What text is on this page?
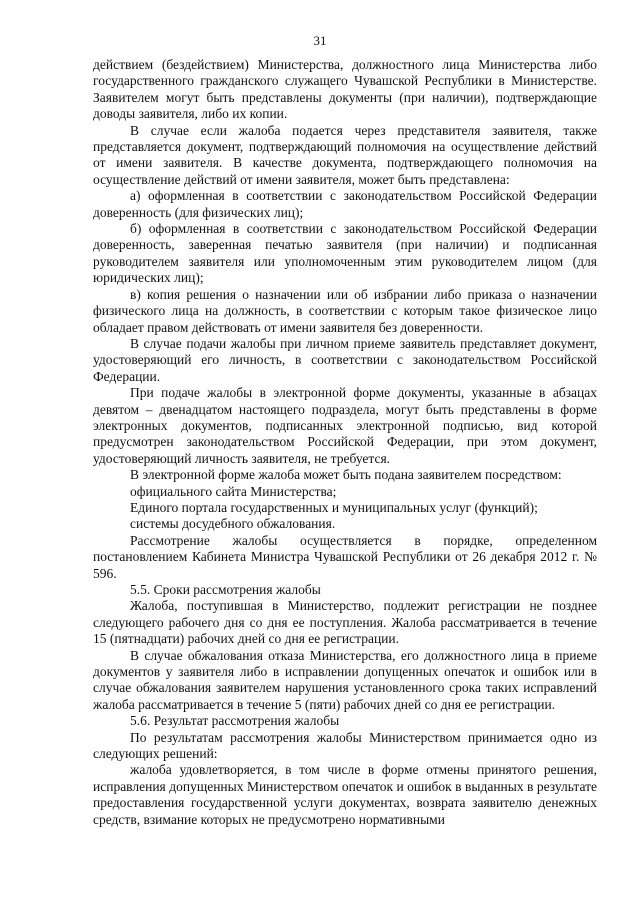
31

действием (бездействием) Министерства, должностного лица Министерства либо государственного гражданского служащего Чувашской Республики в Министерстве. Заявителем могут быть представлены документы (при наличии), подтверждающие доводы заявителя, либо их копии.

В случае если жалоба подается через представителя заявителя, также представляется документ, подтверждающий полномочия на осуществление действий от имени заявителя. В качестве документа, подтверждающего полномочия на осуществление действий от имени заявителя, может быть представлена:

а) оформленная в соответствии с законодательством Российской Федерации доверенность (для физических лиц);

б) оформленная в соответствии с законодательством Российской Федерации доверенность, заверенная печатью заявителя (при наличии) и подписанная руководителем заявителя или уполномоченным этим руководителем лицом (для юридических лиц);

в) копия решения о назначении или об избрании либо приказа о назначении физического лица на должность, в соответствии с которым такое физическое лицо обладает правом действовать от имени заявителя без доверенности.

В случае подачи жалобы при личном приеме заявитель представляет документ, удостоверяющий его личность, в соответствии с законодательством Российской Федерации.

При подаче жалобы в электронной форме документы, указанные в абзацах девятом – двенадцатом настоящего подраздела, могут быть представлены в форме электронных документов, подписанных электронной подписью, вид которой предусмотрен законодательством Российской Федерации, при этом документ, удостоверяющий личность заявителя, не требуется.

В электронной форме жалоба может быть подана заявителем посредством:

официального сайта Министерства;

Единого портала государственных и муниципальных услуг (функций);

системы досудебного обжалования.

Рассмотрение жалобы осуществляется в порядке, определенном постановлением Кабинета Министра Чувашской Республики от 26 декабря 2012 г. № 596.

5.5. Сроки рассмотрения жалобы

Жалоба, поступившая в Министерство, подлежит регистрации не позднее следующего рабочего дня со дня ее поступления. Жалоба рассматривается в течение 15 (пятнадцати) рабочих дней со дня ее регистрации.

В случае обжалования отказа Министерства, его должностного лица в приеме документов у заявителя либо в исправлении допущенных опечаток и ошибок или в случае обжалования заявителем нарушения установленного срока таких исправлений жалоба рассматривается в течение 5 (пяти) рабочих дней со дня ее регистрации.

5.6. Результат рассмотрения жалобы

По результатам рассмотрения жалобы Министерством принимается одно из следующих решений:

жалоба удовлетворяется, в том числе в форме отмены принятого решения, исправления допущенных Министерством опечаток и ошибок в выданных в результате предоставления государственной услуги документах, возврата заявителю денежных средств, взимание которых не предусмотрено нормативными
